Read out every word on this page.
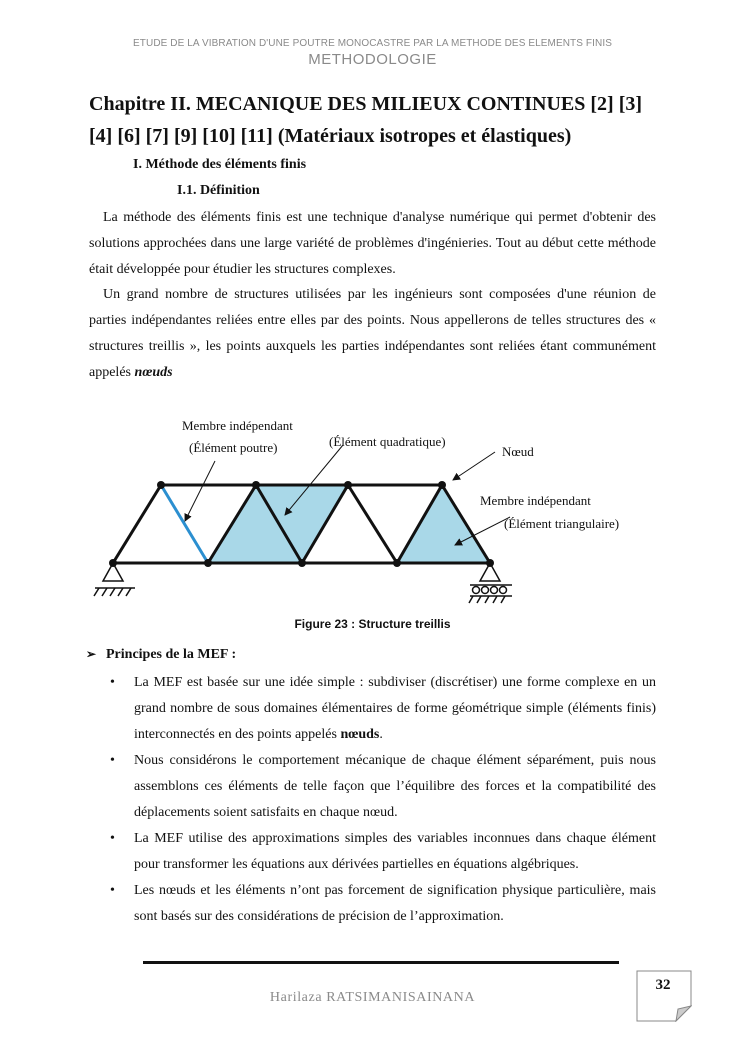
ETUDE DE LA VIBRATION D'UNE POUTRE MONOCASTRE PAR LA METHODE DES ELEMENTS FINIS
METHODOLOGIE
Chapitre II. MECANIQUE DES MILIEUX CONTINUES [2] [3] [4] [6] [7] [9] [10] [11] (Matériaux isotropes et élastiques)
I. Méthode des éléments finis
I.1. Définition
La méthode des éléments finis est une technique d'analyse numérique qui permet d'obtenir des solutions approchées dans une large variété de problèmes d'ingénieries. Tout au début cette méthode était développée pour étudier les structures complexes.
Un grand nombre de structures utilisées par les ingénieurs sont composées d'une réunion de parties indépendantes reliées entre elles par des points. Nous appellerons de telles structures des « structures treillis », les points auxquels les parties indépendantes sont reliées étant communément appelés nœuds
Membre indépendant
(Élément poutre)	(Élément quadratique)
Nœud
Membre indépendant
(Élément triangulaire)
Figure 23 : Structure treillis
➢ Principes de la MEF :
• La MEF est basée sur une idée simple : subdiviser (discrétiser) une forme complexe en un grand nombre de sous domaines élémentaires de forme géométrique simple (éléments finis) interconnectés en des points appelés nœuds.
• Nous considérons le comportement mécanique de chaque élément séparément, puis nous assemblons ces éléments de telle façon que l’équilibre des forces et la compatibilité des déplacements soient satisfaits en chaque nœud.
• La MEF utilise des approximations simples des variables inconnues dans chaque élément pour transformer les équations aux dérivées partielles en équations algébriques.
• Les nœuds et les éléments n’ont pas forcement de signification physique particulière, mais sont basés sur des considérations de précision de l’approximation.
Harilaza RATSIMANISAINANA
32
